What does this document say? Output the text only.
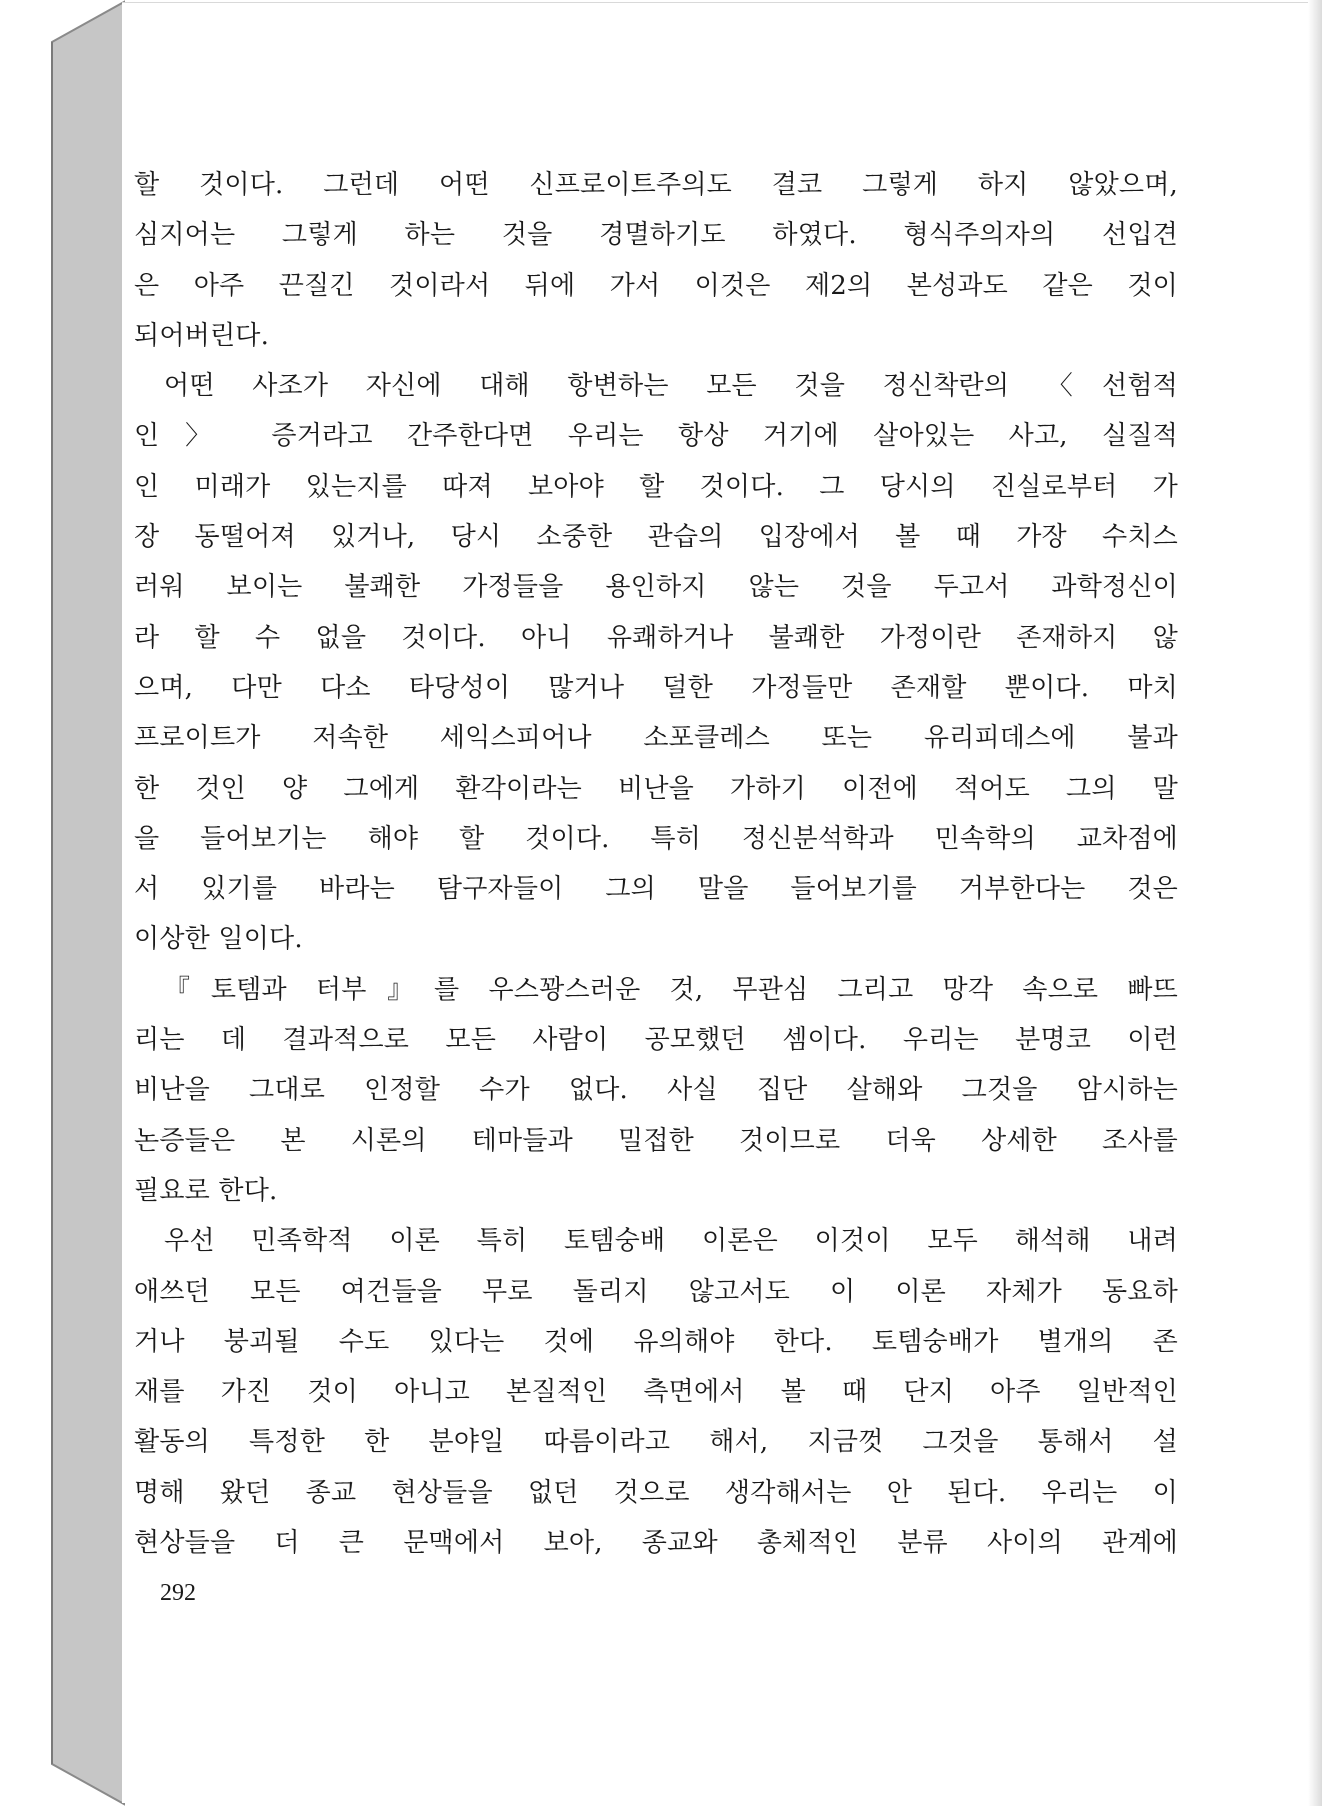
할 것이다. 그런데 어떤 신프로이트주의도 결코 그렇게 하지 않았으며,
심지어는 그렇게 하는 것을 경멸하기도 하였다. 형식주의자의 선입견
은 아주 끈질긴 것이라서 뒤에 가서 이것은 제2의 본성과도 같은 것이
되어버린다.
어떤 사조가 자신에 대해 항변하는 모든 것을 정신착란의 〈선험적
인〉 증거라고 간주한다면 우리는 항상 거기에 살아있는 사고, 실질적
인 미래가 있는지를 따져 보아야 할 것이다. 그 당시의 진실로부터 가
장 동떨어져 있거나, 당시 소중한 관습의 입장에서 볼 때 가장 수치스
러워 보이는 불쾌한 가정들을 용인하지 않는 것을 두고서 과학정신이
라 할 수 없을 것이다. 아니 유쾌하거나 불쾌한 가정이란 존재하지 않
으며, 다만 다소 타당성이 많거나 덜한 가정들만 존재할 뿐이다. 마치
프로이트가 저속한 세익스피어나 소포클레스 또는 유리피데스에 불과
한 것인 양 그에게 환각이라는 비난을 가하기 이전에 적어도 그의 말
을 들어보기는 해야 할 것이다. 특히 정신분석학과 민속학의 교차점에
서 있기를 바라는 탐구자들이 그의 말을 들어보기를 거부한다는 것은
이상한 일이다.
『토템과 터부』를 우스꽝스러운 것, 무관심 그리고 망각 속으로 빠뜨
리는 데 결과적으로 모든 사람이 공모했던 셈이다. 우리는 분명코 이런
비난을 그대로 인정할 수가 없다. 사실 집단 살해와 그것을 암시하는
논증들은 본 시론의 테마들과 밀접한 것이므로 더욱 상세한 조사를
필요로 한다.
우선 민족학적 이론 특히 토템숭배 이론은 이것이 모두 해석해 내려
애쓰던 모든 여건들을 무로 돌리지 않고서도 이 이론 자체가 동요하
거나 붕괴될 수도 있다는 것에 유의해야 한다. 토템숭배가 별개의 존
재를 가진 것이 아니고 본질적인 측면에서 볼 때 단지 아주 일반적인
활동의 특정한 한 분야일 따름이라고 해서, 지금껏 그것을 통해서 설
명해 왔던 종교 현상들을 없던 것으로 생각해서는 안 된다. 우리는 이
현상들을 더 큰 문맥에서 보아, 종교와 총체적인 분류 사이의 관계에
292
